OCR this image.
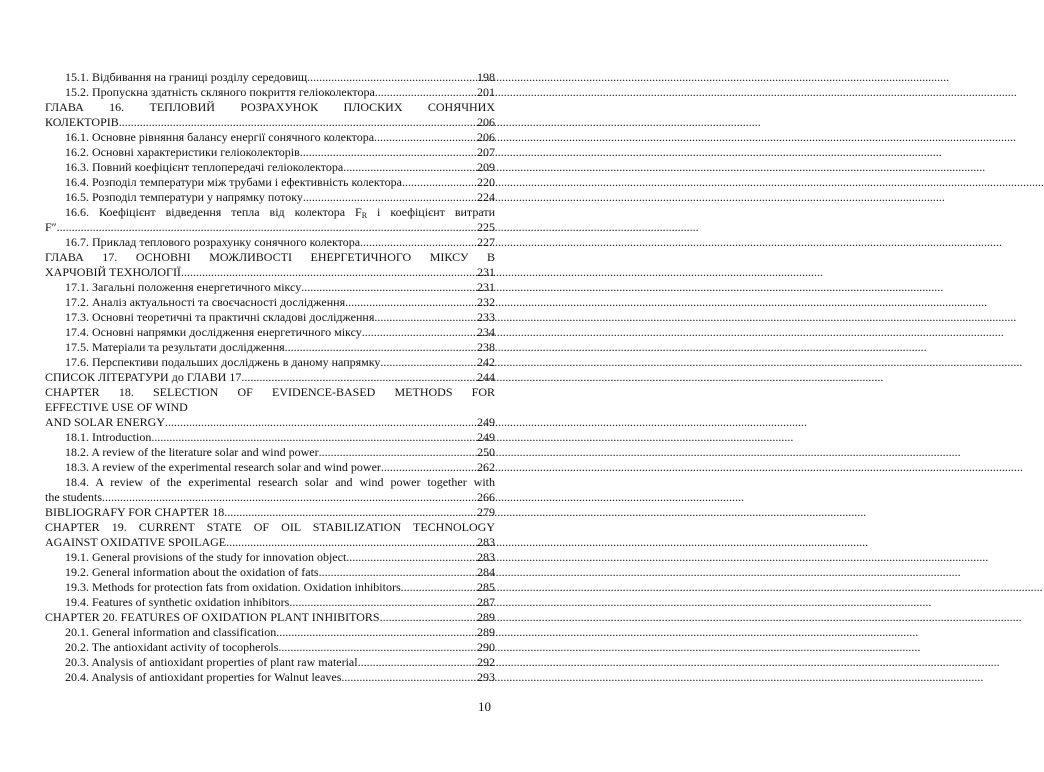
15.1. Відбивання на границі розділу середовищ .....	198
15.2. Пропускна здатність скляного покриття геліоколектора .....	201
ГЛАВА 16. ТЕПЛОВИЙ РОЗРАХУНОК ПЛОСКИХ СОНЯЧНИХ
КОЛЕКТОРІВ .....	206
16.1. Основне рівняння балансу енергії сонячного колектора .....	206
16.2. Основні характеристики геліоколекторів .....	207
16.3. Повний коефіцієнт теплопередачі геліоколектора .....	209
16.4. Розподіл температури між трубами і ефективність колектора .....	220
16.5. Розподіл температури у напрямку потоку .....	224
16.6. Коефіцієнт відведення тепла від колектора $F_R$ і коефіцієнт витрати
F″ .....	225
16.7. Приклад теплового розрахунку сонячного колектора .....	227
ГЛАВА 17. ОСНОВНІ МОЖЛИВОСТІ ЕНЕРГЕТИЧНОГО МІКСУ В
ХАРЧОВІЙ ТЕХНОЛОГІЇ .....	231
17.1. Загальні положення енергетичного міксу .....	231
17.2. Аналіз актуальності та своєчасності дослідження .....	232
17.3. Основні теоретичні та практичні складові дослідження .....	233
17.4. Основні напрямки дослідження енергетичного міксу .....	234
17.5. Матеріали та результати дослідження .....	238
17.6. Перспективи подальших досліджень в даному напрямку .....	242
СПИСОК ЛІТЕРАТУРИ до ГЛАВИ 17 .....	244
CHAPTER 18. SELECTION OF EVIDENCE-BASED METHODS FOR
EFFECTIVE USE OF WIND
AND SOLAR ENERGY .....	249
18.1. Introduction .....	249
18.2. A review of the literature solar and wind power .....	250
18.3. A review of the experimental research solar and wind power .....	262
18.4. A review of the experimental research solar and wind power together with
the students .....	266
BIBLIOGRAFY FOR CHAPTER 18 .....	279
CHAPTER 19. CURRENT STATE OF OIL STABILIZATION TECHNOLOGY
AGAINST OXIDATIVE SPOILAGE .....	283
19.1. General provisions of the study for innovation object .....	283
19.2. General information about the oxidation of fats .....	284
19.3. Methods for protection fats from oxidation. Oxidation inhibitors .....	285
19.4. Features of synthetic oxidation inhibitors .....	287
CHAPTER 20. FEATURES OF OXIDATION PLANT INHIBITORS .....	289
20.1. General information and classification .....	289
20.2. The antioxidant activity of tocopherols .....	290
20.3. Analysis of antioxidant properties of plant raw material .....	292
20.4. Analysis of antioxidant properties for Walnut leaves .....	293
10
